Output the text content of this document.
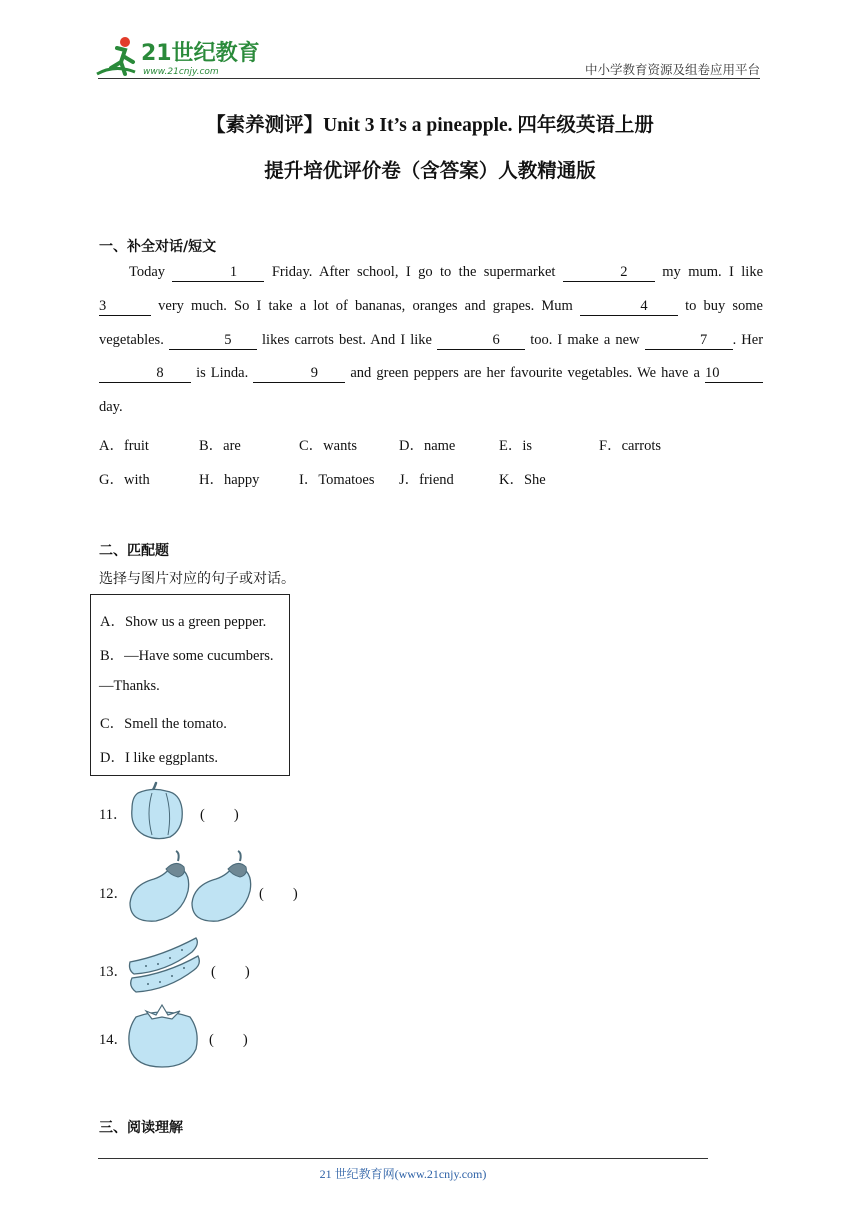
21世纪教育
www.21cnjy.com	中小学教育资源及组卷应用平台
【素养测评】Unit 3 It’s a pineapple. 四年级英语上册
提升培优评价卷（含答案）人教精通版
一、补全对话/短文
Today	1 Friday. After school, I go to the supermarket	2 my mum. I like 3	very much. So I take a lot of bananas, oranges and grapes. Mum	4	to buy some vegetables.	5 likes carrots best. And I like	6 too. I make a new	7 . Her 8 is Linda.	9 and green peppers are her favourite vegetables. We have a 10 day.
A．fruit	B．are	C．wants	D．name	E．is	F．carrots
G．with	H．happy	I．Tomatoes J．friend	K．She
二、匹配题
选择与图片对应的句子或对话。
A．Show us a green pepper.
B．—Have some cucumbers.
—Thanks.
C．Smell the tomato.
D．I like eggplants.
11．	(　　)
12．	(　　)
13．	(　　)
14．	(　　)
三、阅读理解
21 世纪教育网(www.21cnjy.com)
